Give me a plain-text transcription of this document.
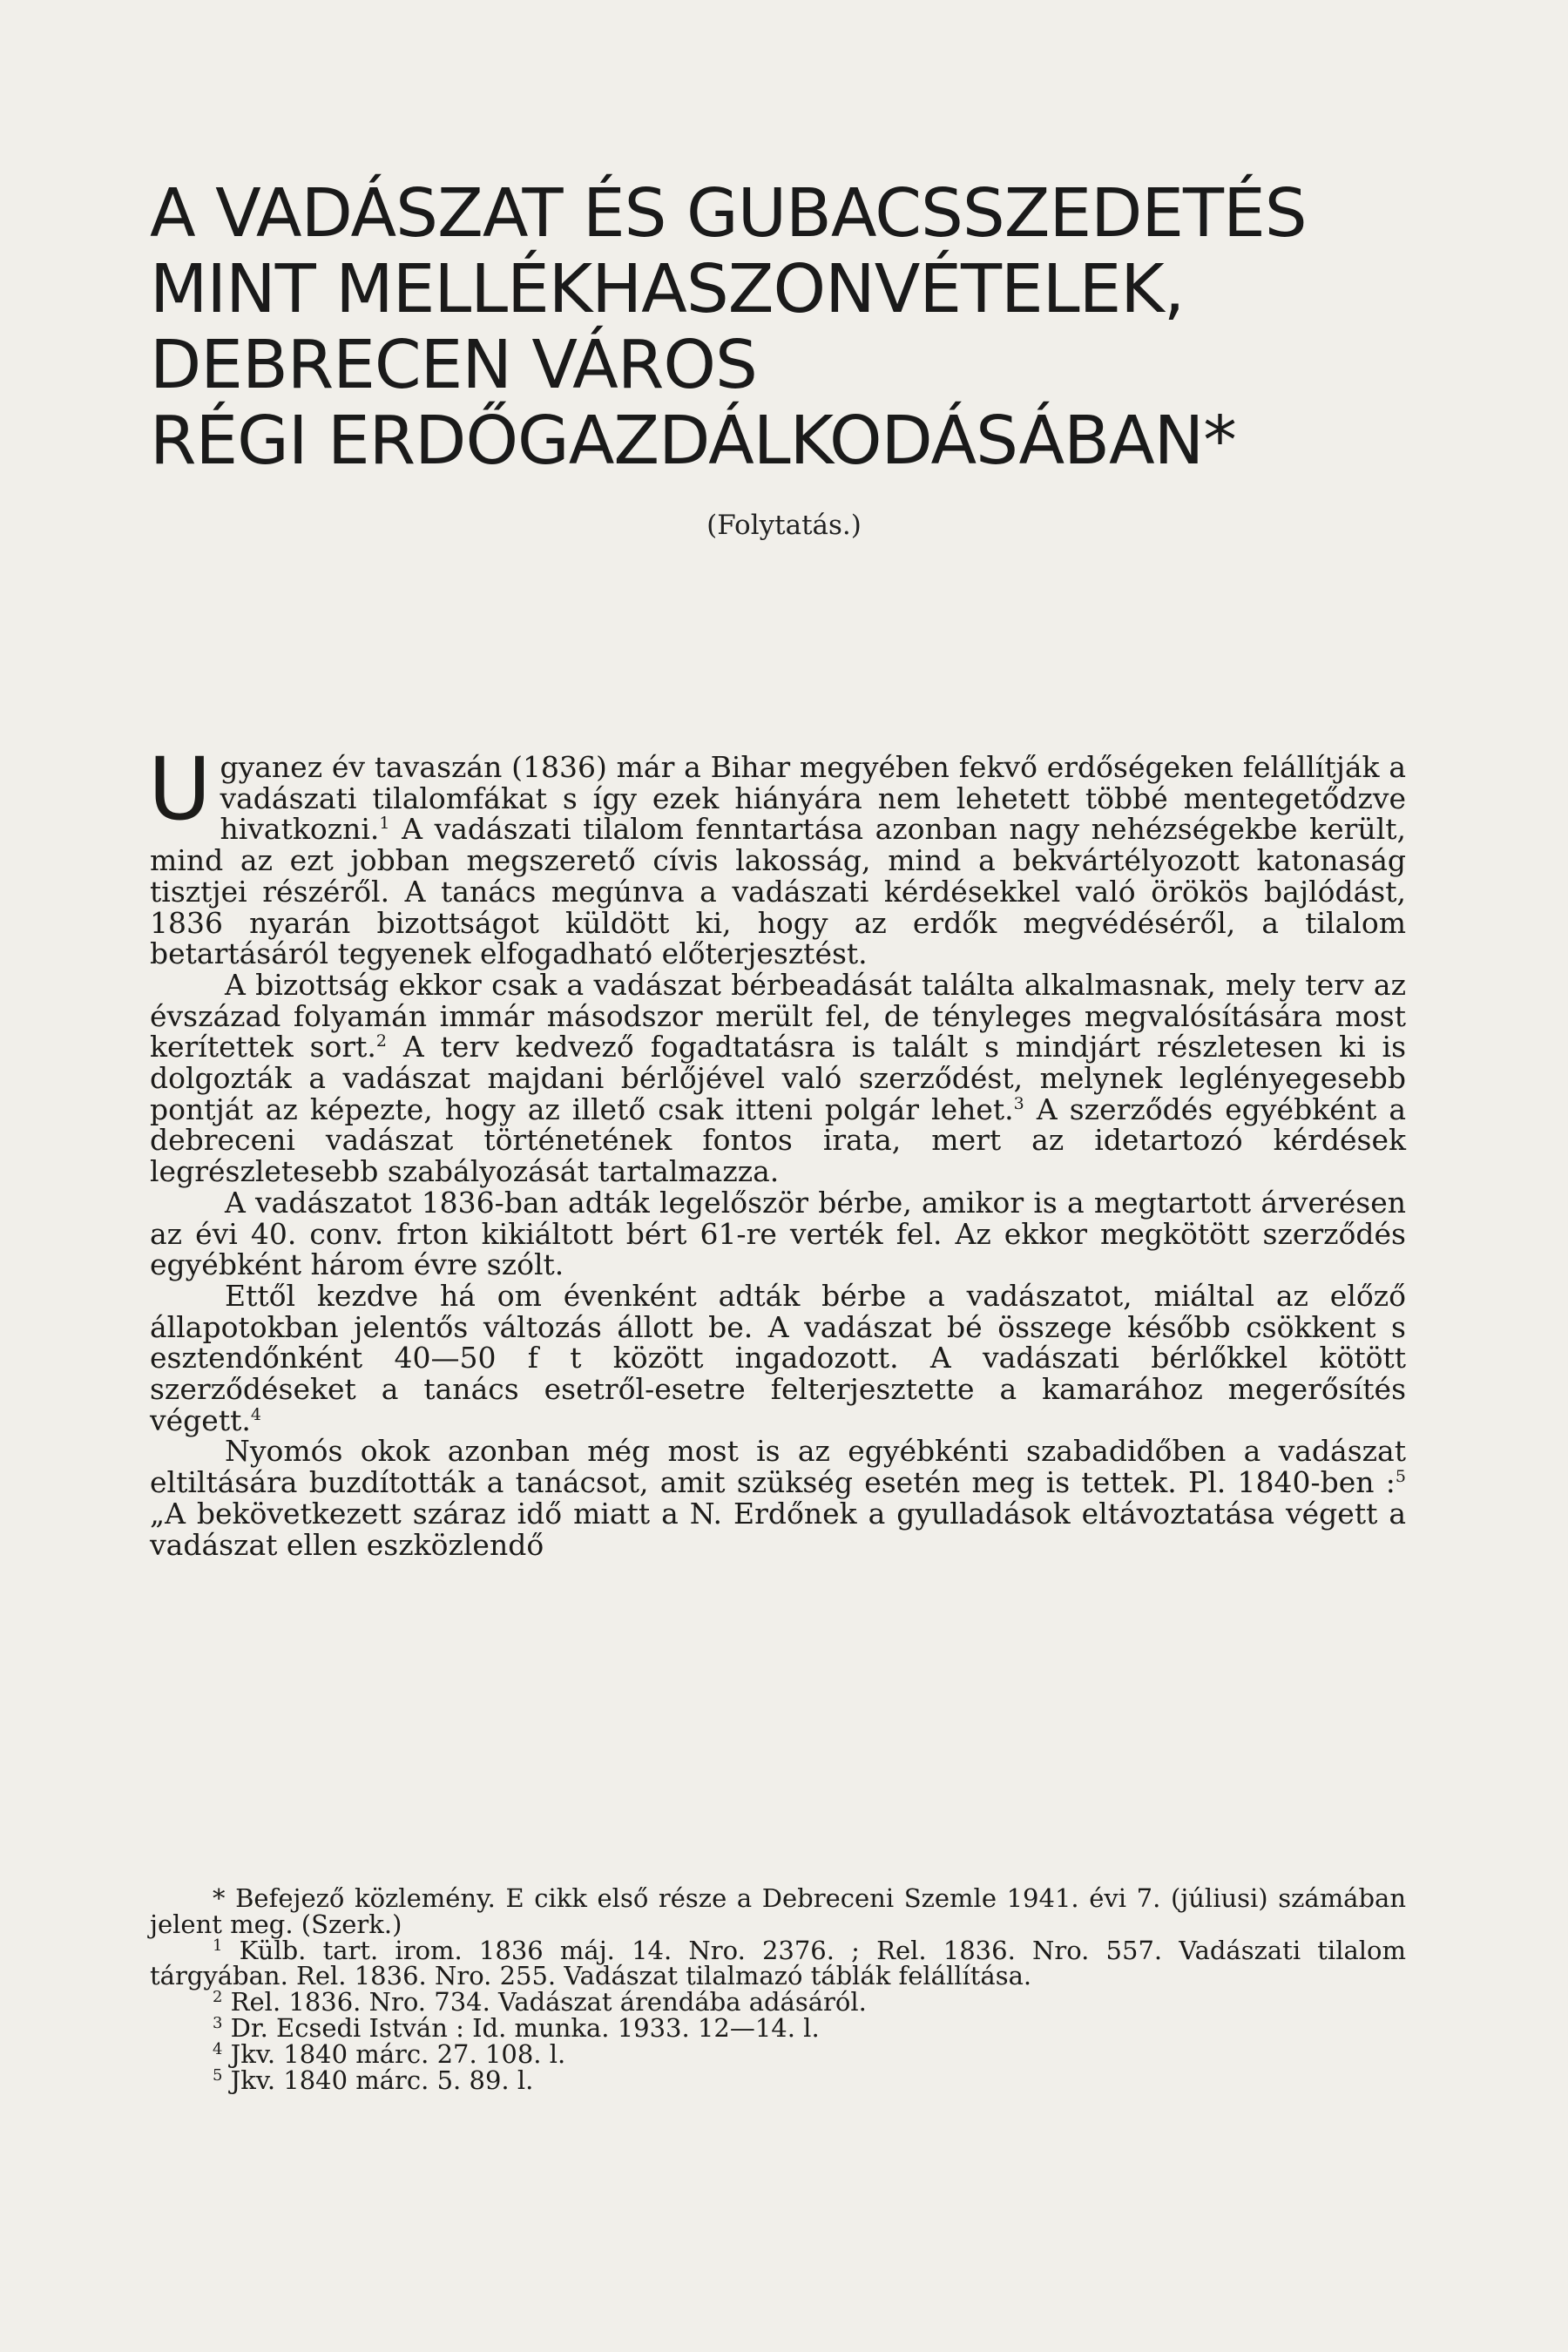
A VADÁSZAT ÉS GUBACSSZEDETÉS
MINT MELLÉKHASZONVÉTELEK,
DEBRECEN VÁROS
RÉGI ERDŐGAZDÁLKODÁSÁBAN*
(Folytatás.)

Ugyanez év tavaszán (1836) már a Bihar megyében fekvő erdőségeken felállítják a vadászati tilalomfákat s így ezek hiányára nem lehetett többé mentegetődzve hivatkozni.$^1$ A vadászati tilalom fenntartása azonban nagy nehézségekbe került, mind az ezt jobban megszerető cívis lakosság, mind a bekvártélyozott katonaság tisztjei részéről. A tanács megúnva a vadászati kérdésekkel való örökös bajlódást, 1836 nyarán bizottságot küldött ki, hogy az erdők megvédéséről, a tilalom betartásáról tegyenek elfogadható előterjesztést.

A bizottság ekkor csak a vadászat bérbeadását találta alkalmasnak, mely terv az évszázad folyamán immár másodszor merült fel, de tényleges megvalósítására most kerítettek sort.$^2$ A terv kedvező fogadtatásra is talált s mindjárt részletesen ki is dolgozták a vadászat majdani bérlőjével való szerződést, melynek leglényegesebb pontját az képezte, hogy az illető csak itteni polgár lehet.$^3$ A szerződés egyébként a debreceni vadászat történetének fontos irata, mert az idetartozó kérdések legrészletesebb szabályozását tartalmazza.

A vadászatot 1836-ban adták legelőször bérbe, amikor is a megtartott árverésen az évi 40. conv. frton kikiáltott bért 61-re verték fel. Az ekkor megkötött szerződés egyébként három évre szólt.

Ettől kezdve há om évenként adták bérbe a vadászatot, miáltal az előző állapotokban jelentős változás állott be. A vadászat bé összege később csökkent s esztendőnként 40—50 f t között ingadozott. A vadászati bérlőkkel kötött szerződéseket a tanács esetről-esetre felterjesztette a kamarához megerősítés végett.$^4$

Nyomós okok azonban még most is az egyébkénti szabadidőben a vadászat eltiltására buzdították a tanácsot, amit szükség esetén meg is tettek. Pl. 1840-ben :$^5$ „A bekövetkezett száraz idő miatt a N. Erdőnek a gyulladások eltávoztatása végett a vadászat ellen eszközlendő

* Befejező közlemény. E cikk első része a Debreceni Szemle 1941. évi 7. (júliusi) számában jelent meg. (Szerk.)

$^1$ Külb. tart. irom. 1836 máj. 14. Nro. 2376. ; Rel. 1836. Nro. 557. Vadászati tilalom tárgyában. Rel. 1836. Nro. 255. Vadászat tilalmazó táblák felállítása.

$^2$ Rel. 1836. Nro. 734. Vadászat árendába adásáról.

$^3$ Dr. Ecsedi István : Id. munka. 1933. 12—14. l.

$^4$ Jkv. 1840 márc. 27. 108. l.

$^5$ Jkv. 1840 márc. 5. 89. l.
